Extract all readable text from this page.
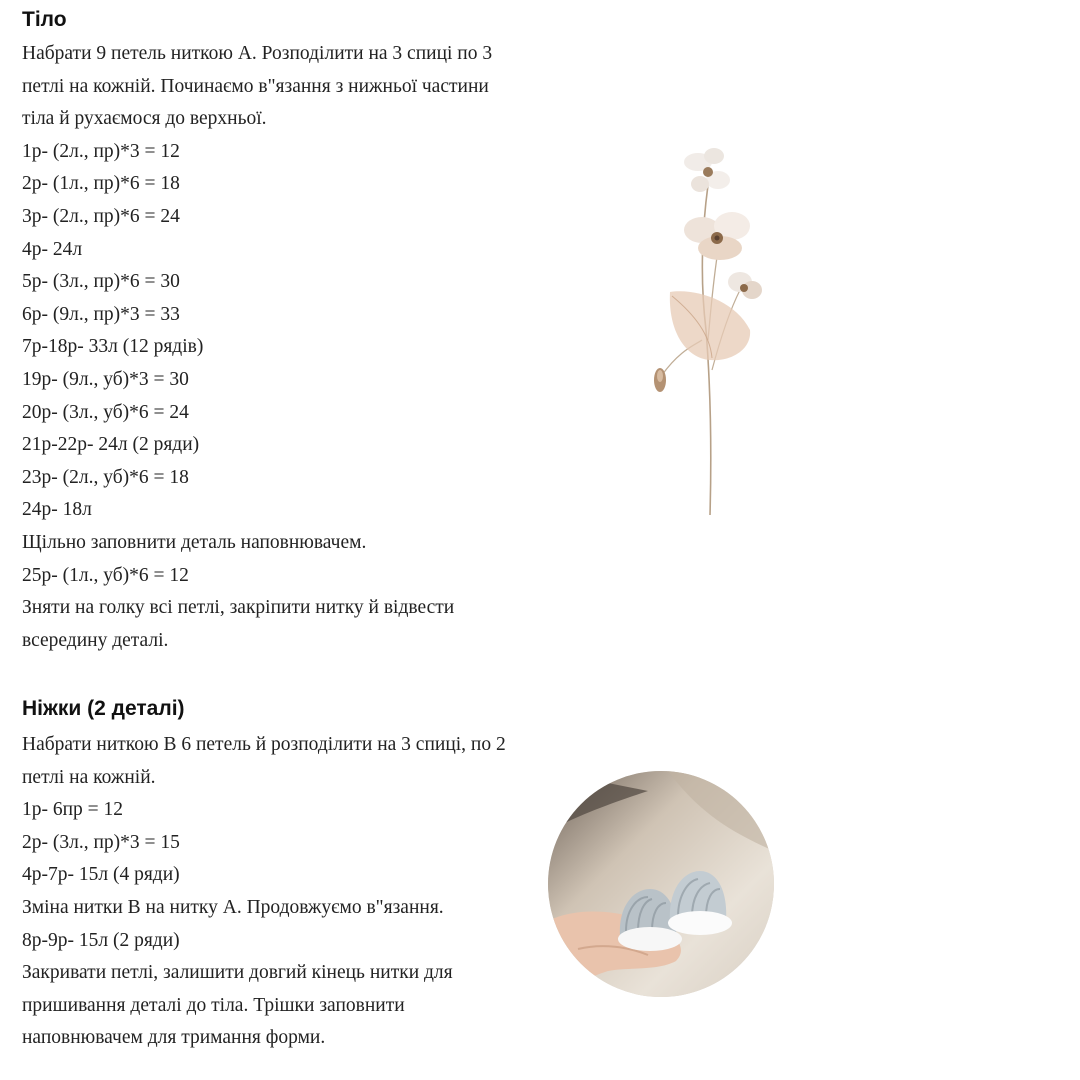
Тіло
Набрати 9 петель ниткою А. Розподілити на 3 спиці по 3
петлі на кожній. Починаємо в"язання з нижньої частини
тіла й рухаємося до верхньої.
1р- (2л., пр)*3 = 12
2р- (1л., пр)*6 = 18
3р- (2л., пр)*6 = 24
4р- 24л
5р- (3л., пр)*6 = 30
6р- (9л., пр)*3 = 33
7р-18р- 33л (12 рядів)
19р- (9л., уб)*3 = 30
20р- (3л., уб)*6 = 24
21р-22р- 24л (2 ряди)
23р- (2л., уб)*6 = 18
24р- 18л
Щільно заповнити деталь наповнювачем.
25р- (1л., уб)*6 = 12
Зняти на голку всі петлі, закріпити нитку й відвести
всередину деталі.
Ніжки (2 деталі)
Набрати ниткою В 6 петель й розподілити на 3 спиці, по 2
петлі на кожній.
1р- 6пр = 12
2р- (3л., пр)*3 = 15
4р-7р- 15л (4 ряди)
Зміна нитки В на нитку А. Продовжуємо в"язання.
8р-9р- 15л (2 ряди)
Закривати петлі, залишити довгий кінець нитки для
пришивання деталі до тіла. Трішки заповнити
наповнювачем для тримання форми.
